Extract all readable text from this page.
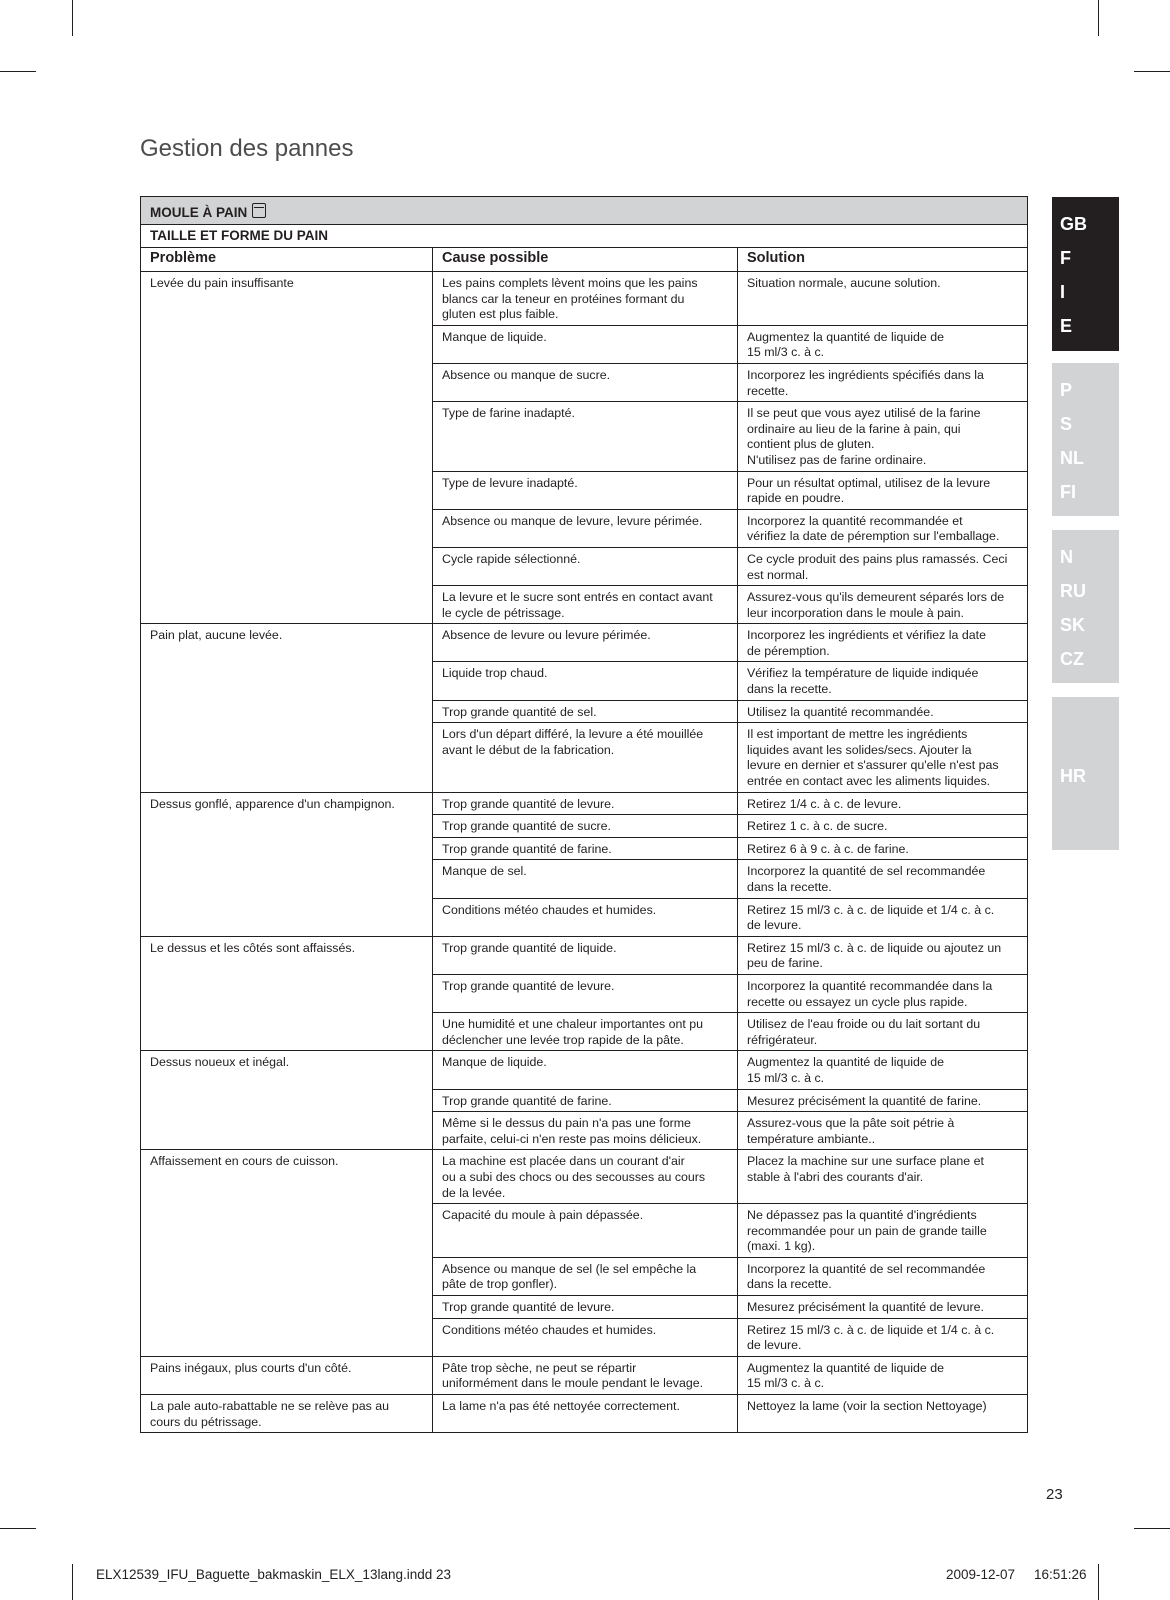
Gestion des pannes
MOULE À PAIN		
TAILLE ET FORME DU PAIN		
Problème	Cause possible	Solution
Levée du pain insuffisante	Les pains complets lèvent moins que les pains
blancs car la teneur en protéines formant du
gluten est plus faible.	Situation normale, aucune solution.
	Manque de liquide.	Augmentez la quantité de liquide de
15 ml/3 c. à c.
	Absence ou manque de sucre.	Incorporez les ingrédients spécifiés dans la
recette.
	Type de farine inadapté.	Il se peut que vous ayez utilisé de la farine
ordinaire au lieu de la farine à pain, qui
contient plus de gluten.
N'utilisez pas de farine ordinaire.
	Type de levure inadapté.	Pour un résultat optimal, utilisez de la levure
rapide en poudre.
	Absence ou manque de levure, levure périmée.	Incorporez la quantité recommandée et
vérifiez la date de péremption sur l'emballage.
	Cycle rapide sélectionné.	Ce cycle produit des pains plus ramassés. Ceci
est normal.
	La levure et le sucre sont entrés en contact avant
le cycle de pétrissage.	Assurez-vous qu'ils demeurent séparés lors de
leur incorporation dans le moule à pain.
Pain plat, aucune levée.	Absence de levure ou levure périmée.	Incorporez les ingrédients et vérifiez la date
de péremption.
	Liquide trop chaud.	Vérifiez la température de liquide indiquée
dans la recette.
	Trop grande quantité de sel.	Utilisez la quantité recommandée.
	Lors d'un départ différé, la levure a été mouillée
avant le début de la fabrication.	Il est important de mettre les ingrédients
liquides avant les solides/secs. Ajouter la
levure en dernier et s'assurer qu'elle n'est pas
entrée en contact avec les aliments liquides.
Dessus gonflé, apparence d'un champignon.	Trop grande quantité de levure.	Retirez 1/4 c. à c. de levure.
	Trop grande quantité de sucre.	Retirez 1 c. à c. de sucre.
	Trop grande quantité de farine.	Retirez 6 à 9 c. à c. de farine.
	Manque de sel.	Incorporez la quantité de sel recommandée
dans la recette.
	Conditions météo chaudes et humides.	Retirez 15 ml/3 c. à c. de liquide et 1/4 c. à c.
de levure.
Le dessus et les côtés sont affaissés.	Trop grande quantité de liquide.	Retirez 15 ml/3 c. à c. de liquide ou ajoutez un
peu de farine.
	Trop grande quantité de levure.	Incorporez la quantité recommandée dans la
recette ou essayez un cycle plus rapide.
	Une humidité et une chaleur importantes ont pu
déclencher une levée trop rapide de la pâte.	Utilisez de l'eau froide ou du lait sortant du
réfrigérateur.
Dessus noueux et inégal.	Manque de liquide.	Augmentez la quantité de liquide de
15 ml/3 c. à c.
	Trop grande quantité de farine.	Mesurez précisément la quantité de farine.
	Même si le dessus du pain n'a pas une forme
parfaite, celui-ci n'en reste pas moins délicieux.	Assurez-vous que la pâte soit pétrie à
température ambiante..
Affaissement en cours de cuisson.	La machine est placée dans un courant d'air
ou a subi des chocs ou des secousses au cours
de la levée.	Placez la machine sur une surface plane et
stable à l'abri des courants d'air.
	Capacité du moule à pain dépassée.	Ne dépassez pas la quantité d'ingrédients
recommandée pour un pain de grande taille
(maxi. 1 kg).
	Absence ou manque de sel (le sel empêche la
pâte de trop gonfler).	Incorporez la quantité de sel recommandée
dans la recette.
	Trop grande quantité de levure.	Mesurez précisément la quantité de levure.
	Conditions météo chaudes et humides.	Retirez 15 ml/3 c. à c. de liquide et 1/4 c. à c.
de levure.
Pains inégaux, plus courts d'un côté.	Pâte trop sèche, ne peut se répartir
uniformément dans le moule pendant le levage.	Augmentez la quantité de liquide de
15 ml/3 c. à c.
La pale auto-rabattable ne se relève pas au
cours du pétrissage.	La lame n'a pas été nettoyée correctement.	Nettoyez la lame (voir la section Nettoyage)
GB
F
I
E
P
S
NL
FI
N
RU
SK
CZ
HR
23
ELX12539_IFU_Baguette_bakmaskin_ELX_13lang.indd 23	2009-12-07 16:51:26
